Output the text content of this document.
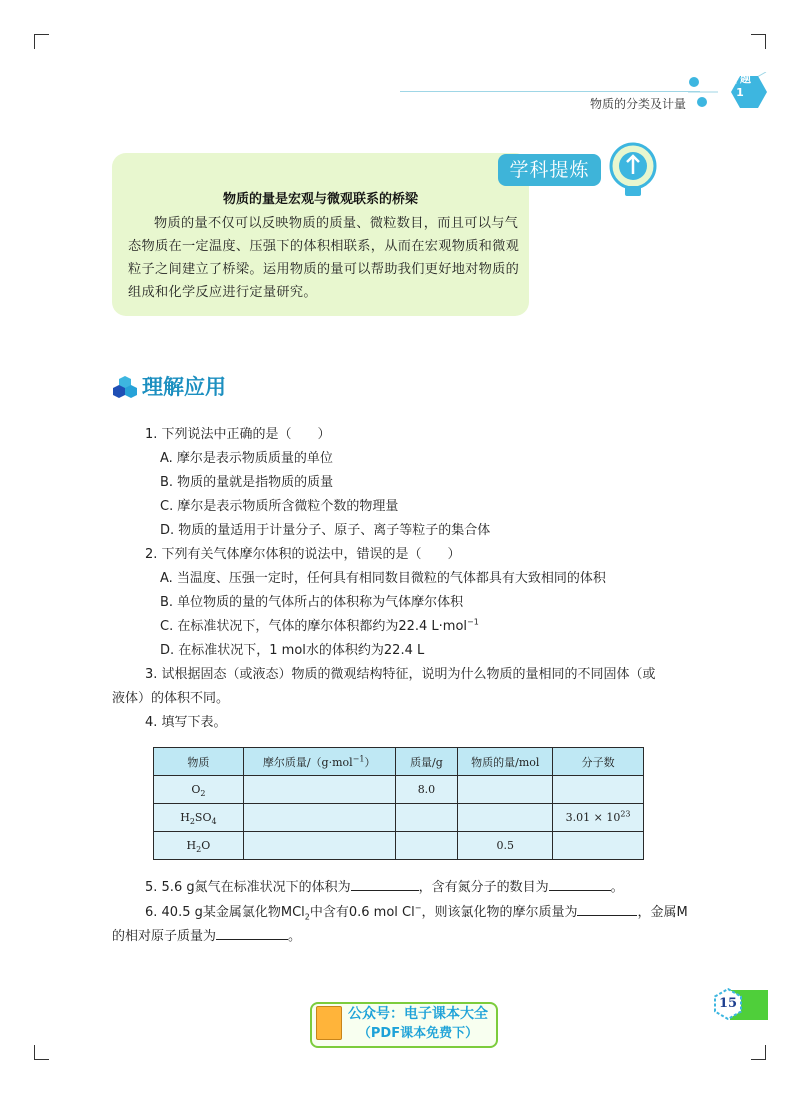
专题
1
物质的分类及计量
学科提炼
物质的量是宏观与微观联系的桥梁
物质的量不仅可以反映物质的质量、微粒数目，而且可以与气态物质在一定温度、压强下的体积相联系，从而在宏观物质和微观粒子之间建立了桥梁。运用物质的量可以帮助我们更好地对物质的组成和化学反应进行定量研究。
理解应用
1. 下列说法中正确的是（　　）
A. 摩尔是表示物质质量的单位
B. 物质的量就是指物质的质量
C. 摩尔是表示物质所含微粒个数的物理量
D. 物质的量适用于计量分子、原子、离子等粒子的集合体
2. 下列有关气体摩尔体积的说法中，错误的是（　　）
A. 当温度、压强一定时，任何具有相同数目微粒的气体都具有大致相同的体积
B. 单位物质的量的气体所占的体积称为气体摩尔体积
C. 在标准状况下，气体的摩尔体积都约为22.4 L·mol$^{-1}$
D. 在标准状况下，1 mol水的体积约为22.4 L
3. 试根据固态（或液态）物质的微观结构特征，说明为什么物质的量相同的不同固体（或
液体）的体积不同。
4. 填写下表。
物质	摩尔质量/（g·mol$^{-1}$）	质量/g	物质的量/mol	分子数
$O_2$		8.0		
$H_2SO_4$				$3.01 \times 10^{23}$
$H_2O$			0.5	
5. 5.6 g氮气在标准状况下的体积为	，含有氮分子的数目为	。
6. 40.5 g某金属氯化物MCl$_2$中含有0.6 mol Cl−，则该氯化物的摩尔质量为	，金属M
的相对原子质量为	。
15
公众号：电子课本大全
（PDF课本免费下）
